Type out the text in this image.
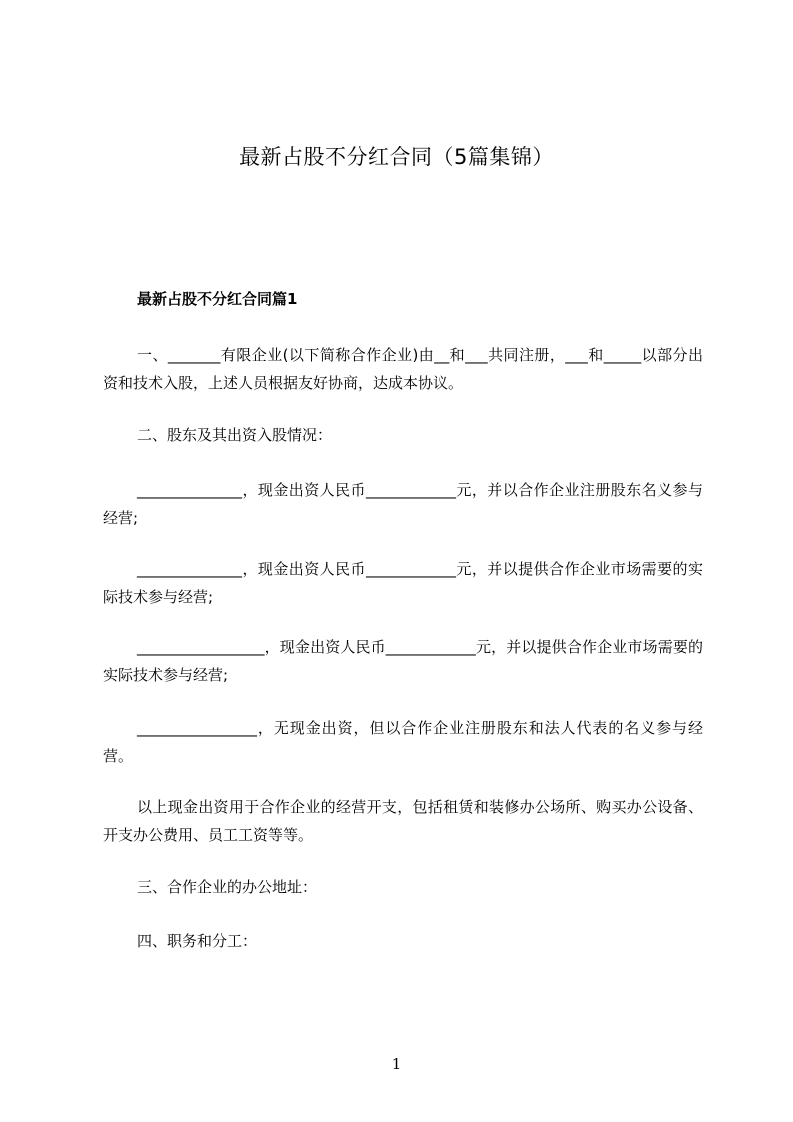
最新占股不分红合同（5篇集锦）
最新占股不分红合同篇1

一、_______有限企业(以下简称合作企业)由__和___共同注册，___和_____以部分出资和技术入股，上述人员根据友好协商，达成本协议。

二、股东及其出资入股情况：

______________，现金出资人民币____________元，并以合作企业注册股东名义参与经营;

______________，现金出资人民币____________元，并以提供合作企业市场需要的实际技术参与经营;

_________________，现金出资人民币____________元，并以提供合作企业市场需要的实际技术参与经营;

________________，无现金出资，但以合作企业注册股东和法人代表的名义参与经营。

以上现金出资用于合作企业的经营开支，包括租赁和装修办公场所、购买办公设备、开支办公费用、员工工资等等。

三、合作企业的办公地址：

四、职务和分工：

1
